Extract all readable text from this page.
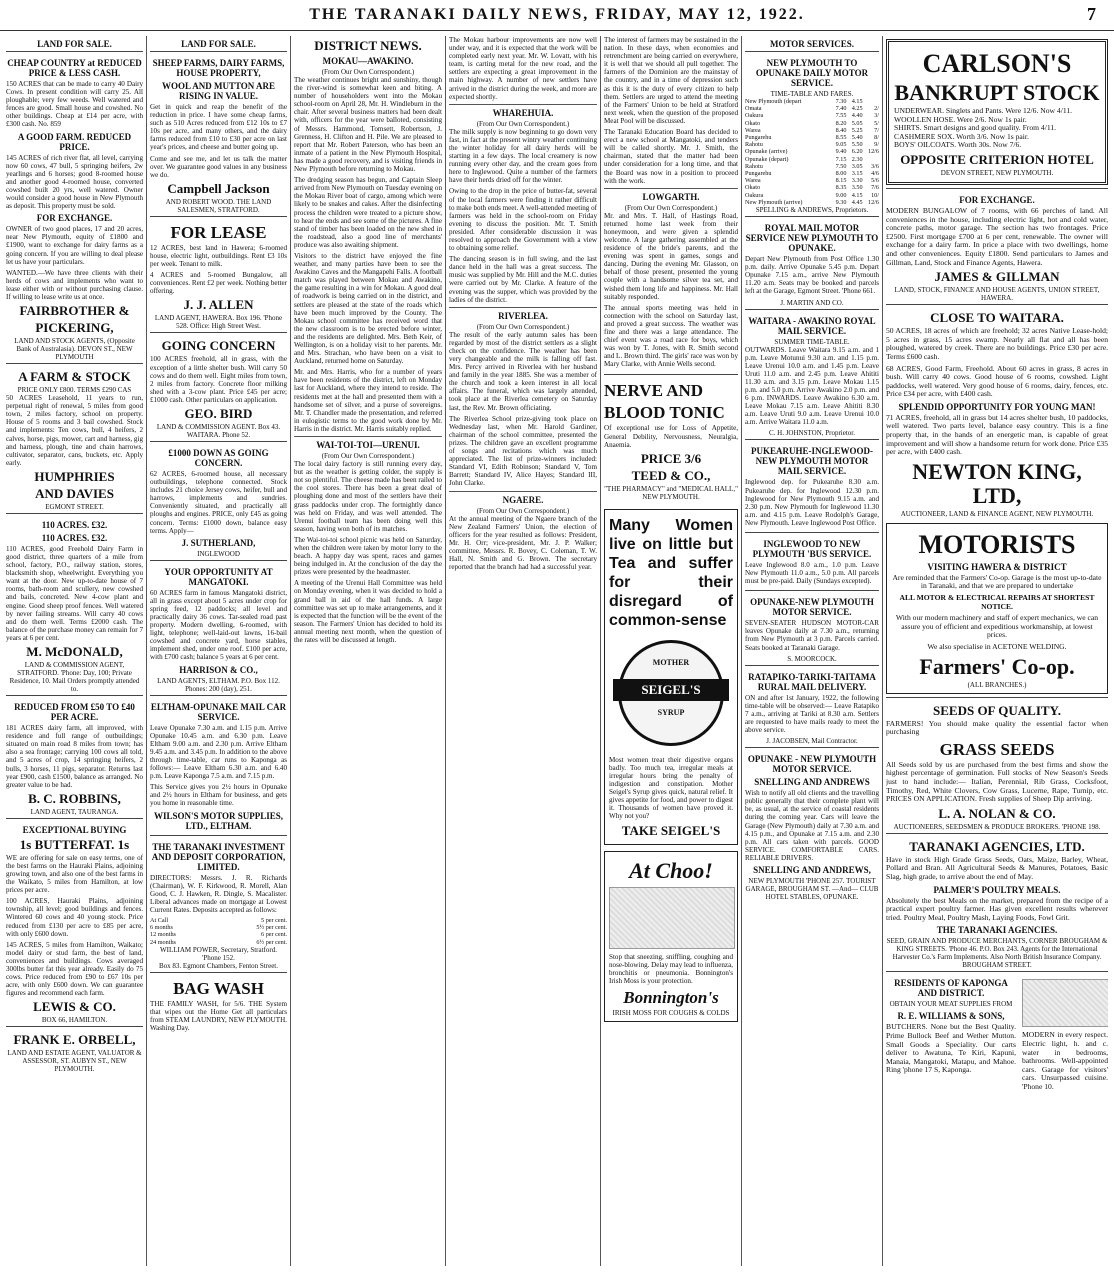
THE TARANAKI DAILY NEWS, FRIDAY, MAY 12, 1922.	7
LAND FOR SALE.
CHEAP COUNTRY at REDUCED PRICE & LESS CASH.

150 ACRES that can be made to carry 40 Dairy Cows. In present condition will carry 25. All ploughable; very few weeds. Well watered and fences are good. Small house and cowshed. No other buildings. Cheap at £14 per acre, with £300 cash. No. 859

A GOOD FARM. REDUCED PRICE.

145 ACRES of rich river flat, all level, carrying now 60 cows, 47 bull, 5 springing heifers, 2w yearlings and 6 horses; good 8-roomed house and another good 4-roomed house, converted cowshed built 20 yrs, well watered. Owner would consider a good house in New Plymouth as deposit. This property must be sold.

FOR EXCHANGE.

OWNER of two good places, 17 and 20 acres, near New Plymouth, equity of £1800 and £1900, want to exchange for dairy farms as a going concern. If you are willing to deal please let us have your particulars.

WANTED.—We have three clients with their herds of cows and implements who want to lease either with or without purchasing clause. If willing to lease write us at once.

FAIRBROTHER &
PICKERING,
LAND AND STOCK AGENTS, (Opposite Bank of Australasia). DEVON ST., NEW PLYMOUTH
A FARM & STOCK
PRICE ONLY £800. TERMS £290 CAS

50 ACRES Leasehold, 11 years to run, perpetual right of renewal, 5 miles from good town, 2 miles factory, school on property. House of 5 rooms and 3 bail cowshed. Stock and implements: Ten cows, bull, 4 heifers, 2 calves, horse, pigs, mower, cart and harness, gig and harness, plough, tine and chain harrows, cultivator, separator, cans, buckets, etc. Apply early.

HUMPHRIES
AND DAVIES
EGMONT STREET.
110 ACRES. £32.
110 ACRES. £32.

110 ACRES, good Freehold Dairy Farm in good district, three quarters of a mile from school, factory, P.O., railway station, stores, blacksmith shop, wheelwright. Everything you want at the door. New up-to-date house of 7 rooms, bath-room and scullery, new cowshed and bails, concreted. New 4-cow plant and engine. Good sheep proof fences. Well watered by never failing streams. Will carry 40 cows and do them well. Terms £2000 cash. The balance of the purchase money can remain for 7 years at 6 per cent.

M. McDONALD,
LAND & COMMISSION AGENT, STRATFORD. 'Phone: Day, 100; Private Residence, 10. Mail Orders promptly attended to.
REDUCED FROM £50 TO £40 PER ACRE.

181 ACRES dairy farm, all improved, with residence and full range of outbuildings; situated on main road 8 miles from town; has also a sea frontage; carrying 100 cows all told, and 5 acres of crop, 14 springing heifers, 2 bulls, 3 horses, 11 pigs, separator. Returns last year £900, cash £1500, balance as arranged. No greater value to be had.

B. C. ROBBINS,
LAND AGENT, TAURANGA.
EXCEPTIONAL BUYING
1s BUTTERFAT. 1s

WE are offering for sale on easy terms, one of the best farms on the Hauraki Plains, adjoining growing town, and also one of the best farms in the Waikato, 5 miles from Hamilton, at low prices per acre.

100 ACRES, Hauraki Plains, adjoining township, all level; good buildings and fences. Wintered 60 cows and 40 young stock. Price reduced from £130 per acre to £85 per acre, with only £600 down.

145 ACRES, 5 miles from Hamilton, Waikato; model dairy or stud farm, the best of land, conveniences and buildings. Cows averaged 300lbs butter fat this year already. Easily do 75 cows. Price reduced from £90 to £67 10s per acre, with only £600 down. We can guarantee figures and recommend each farm.

LEWIS & CO.
BOX 66, HAMILTON.
FRANK E. ORBELL,
LAND AND ESTATE AGENT, VALUATOR & ASSESSOR, ST. AUBYN ST., NEW PLYMOUTH.
LAND FOR SALE.
SHEEP FARMS, DAIRY FARMS, HOUSE PROPERTY,
WOOL AND MUTTON ARE RISING IN VALUE.

Get in quick and reap the benefit of the reduction in price. I have some cheap farms, such as 510 Acres reduced from £12 10s to £7 10s per acre, and many others, and the dairy farms reduced from £10 to £30 per acre on last year's prices, and cheese and butter going up.

Come and see me, and let us talk the matter over. We guarantee good values in any business we do.

Campbell Jackson
AND ROBERT WOOD. THE LAND SALESMEN, STRATFORD.
FOR LEASE

12 ACRES, best land in Hawera; 6-roomed house, electric light, outbuildings. Rent £3 10s per week. Tenant to milk.

4 ACRES and 5-roomed Bungalow, all conveniences. Rent £2 per week. Nothing better offering.

J. J. ALLEN
LAND AGENT, HAWERA. Box 196. 'Phone 528. Office: High Street West.
GOING CONCERN

100 ACRES freehold, all in grass, with the exception of a little shelter bush. Will carry 50 cows and do them well. Eight miles from town, 2 miles from factory. Concrete floor milking shed with a 3-cow plant. Price £45 per acre; £1000 cash. Other particulars on application.

GEO. BIRD
LAND & COMMISSION AGENT. Box 43. WAITARA. Phone 52.
£1000 DOWN AS GOING CONCERN.

62 ACRES, 6-roomed house, all necessary outbuildings, telephone connected. Stock includes 21 choice Jersey cows, heifer, bull and harrows, implements and sundries. Conveniently situated, and practically all ploughs and engines. PRICE, only £45 as going concern. Terms: £1000 down, balance easy terms. Apply—

J. SUTHERLAND,
INGLEWOOD
YOUR OPPORTUNITY AT MANGATOKI.

60 ACRES farm in famous Mangatoki district, all in grass except about 5 acres under crop for spring feed, 12 paddocks; all level and practically dairy 36 cows. Tar-sealed road past property. Modern dwelling, 6-roomed, with light, telephone; well-laid-out lawns, 16-bail cowshed and concrete yard, horse stables, implement shed, under one roof. £100 per acre, with £700 cash; balance 5 years at 6 per cent.

HARRISON & CO.,
LAND AGENTS, ELTHAM. P.O. Box 112. Phones: 200 (day), 251.
ELTHAM-OPUNAKE MAIL CAR SERVICE.

Leave Opunake 7.30 a.m. and 1.15 p.m. Arrive Opunake 10.45 a.m. and 6.30 p.m. Leave Eltham 9.00 a.m. and 2.30 p.m. Arrive Eltham 9.45 a.m. and 3.45 p.m. In addition to the above through time-table, car runs to Kaponga as follows:— Leave Eltham 6.30 a.m. and 6.40 p.m. Leave Kaponga 7.5 a.m. and 7.15 p.m.

This Service gives you 2½ hours in Opunake and 2½ hours in Eltham for business, and gets you home in reasonable time.

WILSON'S MOTOR SUPPLIES, LTD., ELTHAM.
THE TARANAKI INVESTMENT AND DEPOSIT CORPORATION, LIMITED.

DIRECTORS: Messrs. J. R. Richards (Chairman), W. F. Kirkwood, R. Morell, Alan Good, C. J. Hawken, R. Dingle, S. Macalister. Liberal advances made on mortgage at Lowest Current Rates. Deposits accepted as follows:

At Call	5 per cent.
6 months	5½ per cent.
12 months	6 per cent.
24 months	6½ per cent.
WILLIAM POWER, Secretary, Stratford. 'Phone 152.
Box 83. Egmont Chambers, Fenton Street.
BAG WASH

THE FAMILY WASH, for 5/6. THE System that wipes out the Home Get all particulars from STEAM LAUNDRY, NEW PLYMOUTH. Washing Day.

DISTRICT NEWS.
MOKAU—AWAKINO.
(From Our Own Correspondent.)

The weather continues bright and sunshiny, though the river-wind is somewhat keen and biting. A number of householders went into the Mokau school-room on April 28, Mr. H. Windleburn in the chair. After several business matters had been dealt with, officers for the year were balloted, consisting of Messrs. Hammond, Tomsett, Robertson, J. Grenness, H. Clifton and H. Pile. We are pleased to report that Mr. Robert Paterson, who has been an inmate of a patient in the New Plymouth Hospital, has made a good recovery, and is visiting friends in New Plymouth before returning to Mokau.

The dredging season has begun, and Captain Sleep arrived from New Plymouth on Tuesday evening on the Mokau River boat of cargo, among which were likely to be snakes and cakes. After the disinfecting process the children were treated to a picture show, to hear the ends and see some of the pictures. A fine stand of timber has been loaded on the new shed in the roadstead, also a good line of merchants' produce was also awaiting shipment.

Visitors to the district have enjoyed the fine weather, and many parties have been to see the Awakino Caves and the Mangapehi Falls. A football match was played between Mokau and Awakino, the game resulting in a win for Mokau. A good deal of roadwork is being carried on in the district, and settlers are pleased at the state of the roads which have been much improved by the County. The Mokau school committee has received word that the new classroom is to be erected before winter, and the residents are delighted. Mrs. Beth Keir, of Wellington, is on a holiday visit to her parents. Mr. and Mrs. Strachan, who have been on a visit to Auckland, returned home on Saturday.

Mr. and Mrs. Harris, who for a number of years have been residents of the district, left on Monday last for Auckland, where they intend to reside. The residents met at the hall and presented them with a handsome set of silver, and a purse of sovereigns. Mr. T. Chandler made the presentation, and referred in eulogistic terms to the good work done by Mr. Harris in the district. Mr. Harris suitably replied.

WAI-TOI-TOI—URENUI.
(From Our Own Correspondent.)

The local dairy factory is still running every day, but as the weather is getting colder, the supply is not so plentiful. The cheese made has been railed to the cool stores. There has been a great deal of ploughing done and most of the settlers have their grass paddocks under crop. The fortnightly dance was held on Friday, and was well attended. The Urenui football team has been doing well this season, having won both of its matches.

The Wai-toi-toi school picnic was held on Saturday, when the children were taken by motor lorry to the beach. A happy day was spent, races and games being indulged in. At the conclusion of the day the prizes were presented by the headmaster.

A meeting of the Urenui Hall Committee was held on Monday evening, when it was decided to hold a grand ball in aid of the hall funds. A large committee was set up to make arrangements, and it is expected that the function will be the event of the season. The Farmers' Union has decided to hold its annual meeting next month, when the question of the rates will be discussed at length.

The Mokau harbour improvements are now well under way, and it is expected that the work will be completed early next year. Mr. W. Lovatt, with his team, is carting metal for the new road, and the settlers are expecting a great improvement in the main highway. A number of new settlers have arrived in the district during the week, and more are expected shortly.

WHAREHUIA.
(From Our Own Correspondent.)

The milk supply is now beginning to go down very fast, in fact at the present wintry weather continuing the winter holiday for all dairy herds will be starting in a few days. The local creamery is now running every other day, and the cream goes from here to Inglewood. Quite a number of the farmers have their herds dried off for the winter.

Owing to the drop in the price of butter-fat, several of the local farmers were finding it rather difficult to make both ends meet. A well-attended meeting of farmers was held in the school-room on Friday evening to discuss the position. Mr. T. Smith presided. After considerable discussion it was resolved to approach the Government with a view to obtaining some relief.

The dancing season is in full swing, and the last dance held in the hall was a great success. The music was supplied by Mr. Hill and the M.C. duties were carried out by Mr. Clarke. A feature of the evening was the supper, which was provided by the ladies of the district.

RIVERLEA.
(From Our Own Correspondent.)

The result of the early autumn sales has been regarded by most of the district settlers as a slight check on the confidence. The weather has been very changeable and the milk is falling off fast. Mrs. Percy arrived in Riverlea with her husband and family in the year 1885. She was a member of the church and took a keen interest in all local affairs. The funeral, which was largely attended, took place at the Riverlea cemetery on Saturday last, the Rev. Mr. Brown officiating.

The Riverlea School prize-giving took place on Wednesday last, when Mr. Harold Gardiner, chairman of the school committee, presented the prizes. The children gave an excellent programme of songs and recitations which was much appreciated. The list of prize-winners included: Standard VI, Edith Robinson; Standard V, Tom Barrett; Standard IV, Alice Hayes; Standard III, John Clarke.

NGAERE.
(From Our Own Correspondent.)

At the annual meeting of the Ngaere branch of the New Zealand Farmers' Union, the election of officers for the year resulted as follows: President, Mr. H. Orr; vice-president, Mr. J. P. Walker; committee, Messrs. R. Bovey, C. Coleman, T. W. Hall, N. Smith and G. Brown. The secretary reported that the branch had had a successful year.

The interest of farmers may be sustained in the nation. In these days, when economies and retrenchment are being carried on everywhere, it is well that we should all pull together. The farmers of the Dominion are the mainstay of the country, and in a time of depression such as this it is the duty of every citizen to help them. Settlers are urged to attend the meeting of the Farmers' Union to be held at Stratford next week, when the question of the proposed Meat Pool will be discussed.

The Taranaki Education Board has decided to erect a new school at Mangatoki, and tenders will be called shortly. Mr. J. Smith, the chairman, stated that the matter had been under consideration for a long time, and that the Board was now in a position to proceed with the work.

LOWGARTH.
(From Our Own Correspondent.)

Mr. and Mrs. T. Hall, of Hastings Road, returned home last week from their honeymoon, and were given a splendid welcome. A large gathering assembled at the residence of the bride's parents, and the evening was spent in games, songs and dancing. During the evening Mr. Glasson, on behalf of those present, presented the young couple with a handsome silver tea set, and wished them long life and happiness. Mr. Hall suitably responded.

The annual sports meeting was held in connection with the school on Saturday last, and proved a great success. The weather was fine and there was a large attendance. The chief event was a road race for boys, which was won by T. Jones, with R. Smith second and L. Brown third. The girls' race was won by Mary Clarke, with Annie Wells second.

NERVE AND
BLOOD TONIC

Of exceptional use for Loss of Appetite, General Debility, Nervousness, Neuralgia, Anaemia.

PRICE 3/6
TEED & CO.,
"THE PHARMACY" and "MEDICAL HALL," NEW PLYMOUTH.
Many Women live on little but Tea and suffer for their disregard of common-sense
MOTHER
SEIGEL'S
SYRUP

Most women treat their digestive organs badly. Too much tea, irregular meals at irregular hours bring the penalty of indigestion and constipation. Mother Seigel's Syrup gives quick, natural relief. It gives appetite for food, and power to digest it. Thousands of women have proved it. Why not you?

TAKE SEIGEL'S
At Choo!

Stop that sneezing, sniffling, coughing and nose-blowing. Delay may lead to influenza, bronchitis or pneumonia. Bonnington's Irish Moss is your protection.

Bonnington's
IRISH MOSS FOR COUGHS & COLDS
MOTOR SERVICES.
NEW PLYMOUTH TO OPUNAKE DAILY MOTOR SERVICE.
TIME-TABLE AND FARES.
New Plymouth (depart	7.30	4.15	
Omata	7.40	4.25	2/
Oakura	7.55	4.40	3/
Okato	8.20	5.05	5/
Warea	8.40	5.25	7/
Pungarehu	8.55	5.40	8/
Rahotu	9.05	5.50	9/
Opunake (arrive)	9.40	6.20	12/6
Opunake (depart)	7.15	2.30	
Rahotu	7.50	3.05	3/6
Pungarehu	8.00	3.15	4/6
Warea	8.15	3.30	5/6
Okato	8.35	3.50	7/6
Oakura	9.00	4.15	10/
New Plymouth (arrive)	9.30	4.45	12/6
SPELLING & ANDREWS, Proprietors.
ROYAL MAIL MOTOR SERVICE NEW PLYMOUTH TO OPUNAKE.

Depart New Plymouth from Post Office 1.30 p.m. daily. Arrive Opunake 5.45 p.m. Depart Opunake 7.15 a.m., arrive New Plymouth 11.20 a.m. Seats may be booked and parcels left at the Garage, Egmont Street. 'Phone 661.

J. MARTIN AND CO.
WAITARA - AWAKINO ROYAL MAIL SERVICE.
SUMMER TIME-TABLE.

OUTWARDS. Leave Waitara 9.15 a.m. and 1 p.m. Leave Motunui 9.30 a.m. and 1.15 p.m. Leave Urenui 10.0 a.m. and 1.45 p.m. Leave Uruti 11.0 a.m. and 2.45 p.m. Leave Ahititi 11.30 a.m. and 3.15 p.m. Leave Mokau 1.15 p.m. and 5.0 p.m. Arrive Awakino 2.0 p.m. and 6 p.m. INWARDS. Leave Awakino 6.30 a.m. Leave Mokau 7.15 a.m. Leave Ahititi 8.30 a.m. Leave Uruti 9.0 a.m. Leave Urenui 10.0 a.m. Arrive Waitara 11.0 a.m.

C. H. JOHNSTON, Proprietor.
PUKEARUHE-INGLEWOOD-NEW PLYMOUTH MOTOR MAIL SERVICE.

Inglewood dep. for Pukearuhe 8.30 a.m. Pukearuhe dep. for Inglewood 12.30 p.m. Inglewood for New Plymouth 9.15 a.m. and 2.30 p.m. New Plymouth for Inglewood 11.30 a.m. and 4.15 p.m. Leave Rodolph's Garage, New Plymouth. Leave Inglewood Post Office.

INGLEWOOD TO NEW PLYMOUTH 'BUS SERVICE.

Leave Inglewood 8.0 a.m., 1.0 p.m. Leave New Plymouth 11.0 a.m., 5.0 p.m. All parcels must be pre-paid. Daily (Sundays excepted).

OPUNAKE-NEW PLYMOUTH MOTOR SERVICE.

SEVEN-SEATER HUDSON MOTOR-CAR leaves Opunake daily at 7.30 a.m., returning from New Plymouth at 3 p.m. Parcels carried. Seats booked at Taranaki Garage.

S. MOORCOCK.
RATAPIKO-TARIKI-TAITAMA RURAL MAIL DELIVERY.

ON and after 1st January, 1922, the following time-table will be observed:— Leave Ratapiko 7 a.m., arriving at Tariki at 8.30 a.m. Settlers are requested to have mails ready to meet the above service.

J. JACOBSEN, Mail Contractor.
OPUNAKE - NEW PLYMOUTH MOTOR SERVICE.
SNELLING AND ANDREWS

Wish to notify all old clients and the travelling public generally that their complete plant will be, as usual, at the service of coastal residents during the coming year. Cars will leave the Garage (New Plymouth) daily at 7.30 a.m. and 4.15 p.m., and Opunake at 7.15 a.m. and 2.30 p.m. All cars taken with parcels. GOOD SERVICE. COMFORTABLE CARS. RELIABLE DRIVERS.

SNELLING AND ANDREWS,
NEW PLYMOUTH 'PHONE 257. TOURIST GARAGE, BROUGHAM ST. —And— CLUB HOTEL STABLES, OPUNAKE.
CARLSON'S
BANKRUPT STOCK
UNDERWEAR. Singlets and Pants. Were 12/6. Now 4/11.
WOOLLEN HOSE. Were 2/6. Now 1s pair.
SHIRTS. Smart designs and good quality. From 4/11.
CASHMERE SOX. Worth 3/6. Now 1s pair.
BOYS' OILCOATS. Worth 30s. Now 7/6.
OPPOSITE CRITERION HOTEL
DEVON STREET, NEW PLYMOUTH.
FOR EXCHANGE.

MODERN BUNGALOW of 7 rooms, with 66 perches of land. All conveniences in the house, including electric light, hot and cold water, concrete paths, motor garage. The section has two frontages. Price £2500. First mortgage £700 at 6 per cent, renewable. The owner will exchange for a dairy farm. In price a place with two dwellings, home and other conveniences. Equity £1800. Send particulars to James and Gillman, Land, Stock and Finance Agents, Hawera.

JAMES & GILLMAN
LAND, STOCK, FINANCE AND HOUSE AGENTS, UNION STREET, HAWERA.
CLOSE TO WAITARA.

50 ACRES, 18 acres of which are freehold; 32 acres Native Lease-hold; 5 acres in grass, 15 acres swamp. Nearly all flat and all has been ploughed, watered by creek. There are no buildings. Price £30 per acre. Terms £600 cash.

68 ACRES, Good Farm, Freehold. About 60 acres in grass, 8 acres in bush. Will carry 40 cows. Good house of 6 rooms, cowshed. Light paddocks, well watered. Very good house of 6 rooms, dairy, fences, etc. Price £34 per acre, with £400 cash.

SPLENDID OPPORTUNITY FOR YOUNG MAN!

71 ACRES, freehold, all in grass but 14 acres shelter bush, 10 paddocks, well watered. Two parts level, balance easy country. This is a fine property that, in the hands of an energetic man, is capable of great improvement and will show a handsome return for work done. Price £35 per acre, with £400 cash.

NEWTON KING, LTD,
AUCTIONEER, LAND & FINANCE AGENT, NEW PLYMOUTH.
MOTORISTS
VISITING HAWERA & DISTRICT

Are reminded that the Farmers' Co-op. Garage is the most up-to-date in Taranaki, and that we are prepared to undertake

ALL MOTOR & ELECTRICAL REPAIRS AT SHORTEST NOTICE.

With our modern machinery and staff of expert mechanics, we can assure you of efficient and expeditious workmanship, at lowest prices.

We also specialise in ACETONE WELDING.

Farmers' Co-op.
(ALL BRANCHES.)
SEEDS OF QUALITY.

FARMERS! You should make quality the essential factor when purchasing

GRASS SEEDS

All Seeds sold by us are purchased from the best firms and show the highest percentage of germination. Full stocks of New Season's Seeds just to hand include:— Italian, Perennial, Rib Grass, Cocksfoot, Timothy, Red, White Clovers, Cow Grass, Lucerne, Rape, Turnip, etc. PRICES ON APPLICATION. Fresh supplies of Sheep Dip arriving.

L. A. NOLAN & CO.
AUCTIONEERS, SEEDSMEN & PRODUCE BROKERS. 'PHONE 198.
TARANAKI AGENCIES, LTD.

Have in stock High Grade Grass Seeds, Oats, Maize, Barley, Wheat, Pollard and Bran. All Agricultural Seeds & Manures, Potatoes, Basic Slag, high grade, to arrive about the end of May.

PALMER'S POULTRY MEALS.

Absolutely the best Meals on the market, prepared from the recipe of a practical expert poultry farmer. Has given excellent results wherever tried. Poultry Meal, Poultry Mash, Laying Foods, Fowl Grit.

THE TARANAKI AGENCIES.
SEED, GRAIN AND PRODUCE MERCHANTS, CORNER BROUGHAM & KING STREETS. 'Phone 46. P.O. Box 243. Agents for the International Harvester Co.'s Farm Implements. Also North British Insurance Company. BROUGHAM STREET.
RESIDENTS OF KAPONGA AND DISTRICT.
OBTAIN YOUR MEAT SUPPLIES FROM
R. E. WILLIAMS & SONS,

BUTCHERS. None but the Best Quality. Prime Bullock Beef and Wether Mutton. Small Goods a Speciality. Our carts deliver to Awatuna, Te Kiri, Kapuni, Manaia, Mangatoki, Matapu, and Mahoe. Ring 'phone 17 S, Kaponga.

MODERN in every respect. Electric light, h. and c. water in bedrooms, bathrooms. Well-appointed cars. Garage for visitors' cars. Unsurpassed cuisine. 'Phone 10.
